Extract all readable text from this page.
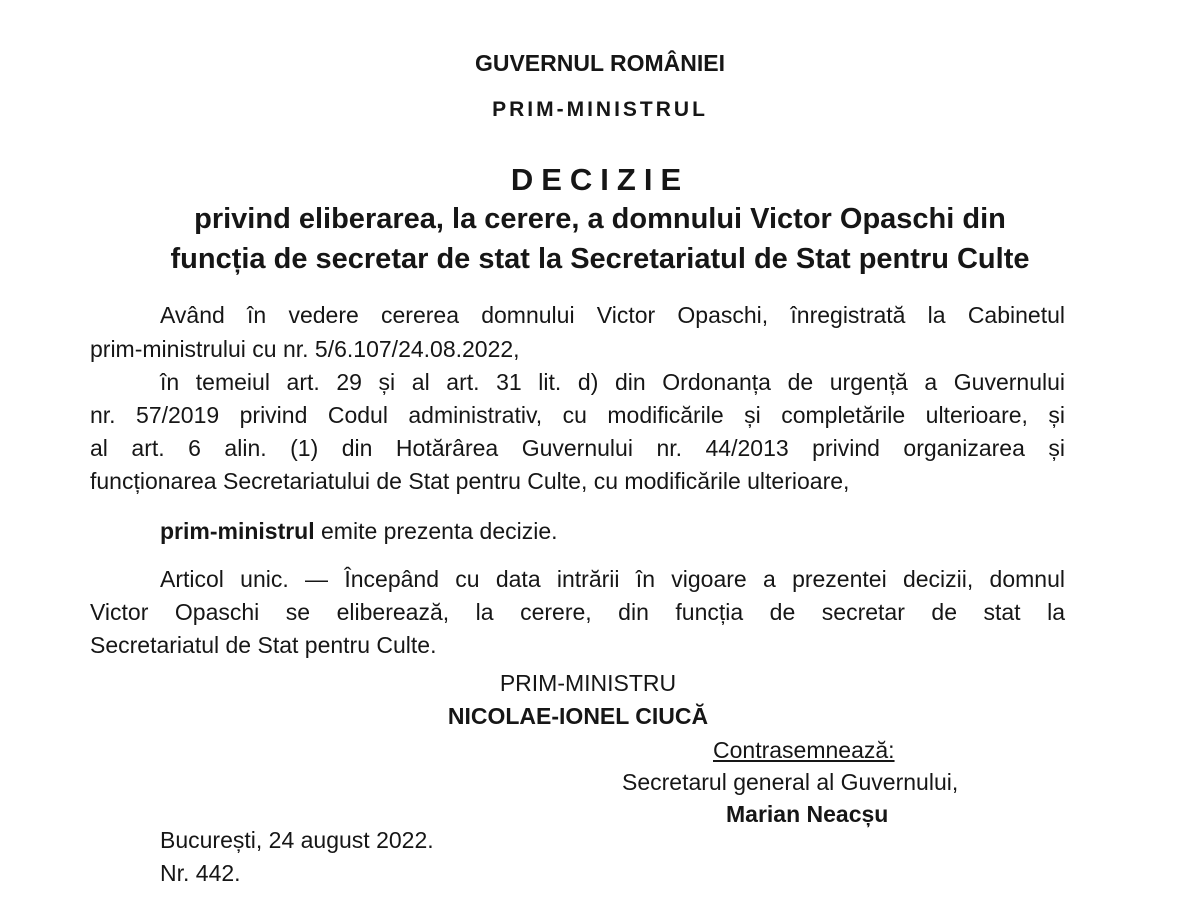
GUVERNUL ROMÂNIEI
PRIM-MINISTRUL
DECIZIE
privind eliberarea, la cerere, a domnului Victor Opaschi din
funcția de secretar de stat la Secretariatul de Stat pentru Culte
Având în vedere cererea domnului Victor Opaschi, înregistrată la Cabinetul
prim-ministrului cu nr. 5/6.107/24.08.2022,
în temeiul art. 29 și al art. 31 lit. d) din Ordonanța de urgență a Guvernului
nr. 57/2019 privind Codul administrativ, cu modificările și completările ulterioare, și
al art. 6 alin. (1) din Hotărârea Guvernului nr. 44/2013 privind organizarea și
funcționarea Secretariatului de Stat pentru Culte, cu modificările ulterioare,
prim-ministrul emite prezenta decizie.
Articol unic. — Începând cu data intrării în vigoare a prezentei decizii, domnul
Victor Opaschi se eliberează, la cerere, din funcția de secretar de stat la
Secretariatul de Stat pentru Culte.
PRIM-MINISTRU
NICOLAE-IONEL CIUCĂ
Contrasemnează:
Secretarul general al Guvernului,
Marian Neacșu
București, 24 august 2022.
Nr. 442.
